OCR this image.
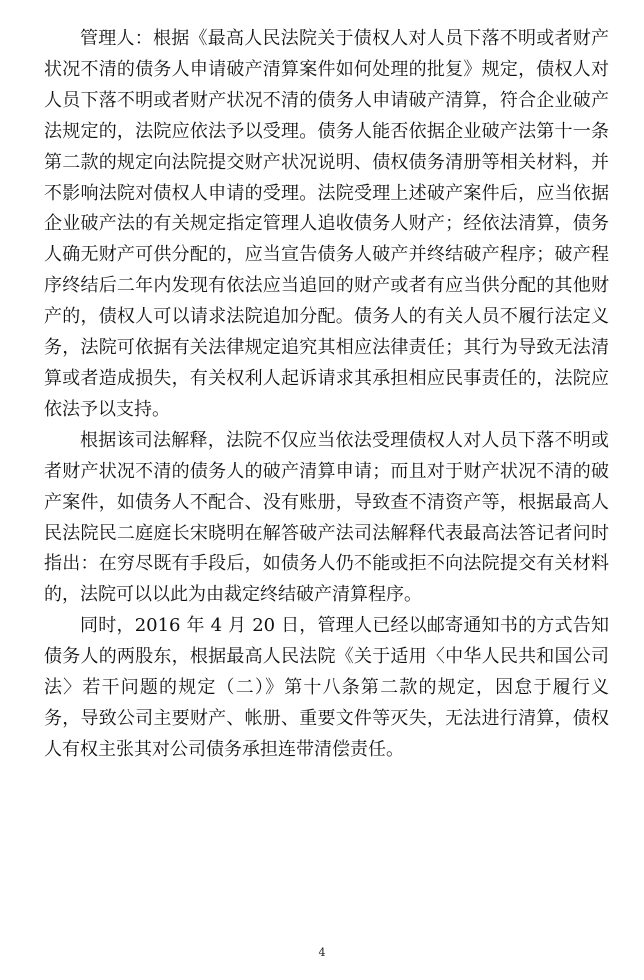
管理人：根据《最高人民法院关于债权人对人员下落不明或者财产状况不清的债务人申请破产清算案件如何处理的批复》规定，债权人对人员下落不明或者财产状况不清的债务人申请破产清算，符合企业破产法规定的，法院应依法予以受理。债务人能否依据企业破产法第十一条第二款的规定向法院提交财产状况说明、债权债务清册等相关材料，并不影响法院对债权人申请的受理。法院受理上述破产案件后，应当依据企业破产法的有关规定指定管理人追收债务人财产；经依法清算，债务人确无财产可供分配的，应当宣告债务人破产并终结破产程序；破产程序终结后二年内发现有依法应当追回的财产或者有应当供分配的其他财产的，债权人可以请求法院追加分配。债务人的有关人员不履行法定义务，法院可依据有关法律规定追究其相应法律责任；其行为导致无法清算或者造成损失，有关权利人起诉请求其承担相应民事责任的，法院应依法予以支持。

根据该司法解释，法院不仅应当依法受理债权人对人员下落不明或者财产状况不清的债务人的破产清算申请；而且对于财产状况不清的破产案件，如债务人不配合、没有账册，导致查不清资产等，根据最高人民法院民二庭庭长宋晓明在解答破产法司法解释代表最高法答记者问时指出：在穷尽既有手段后，如债务人仍不能或拒不向法院提交有关材料的，法院可以以此为由裁定终结破产清算程序。

同时，2016 年 4 月 20 日，管理人已经以邮寄通知书的方式告知债务人的两股东，根据最高人民法院《关于适用〈中华人民共和国公司法〉若干问题的规定（二）》第十八条第二款的规定，因怠于履行义务，导致公司主要财产、帐册、重要文件等灭失，无法进行清算，债权人有权主张其对公司债务承担连带清偿责任。

4
